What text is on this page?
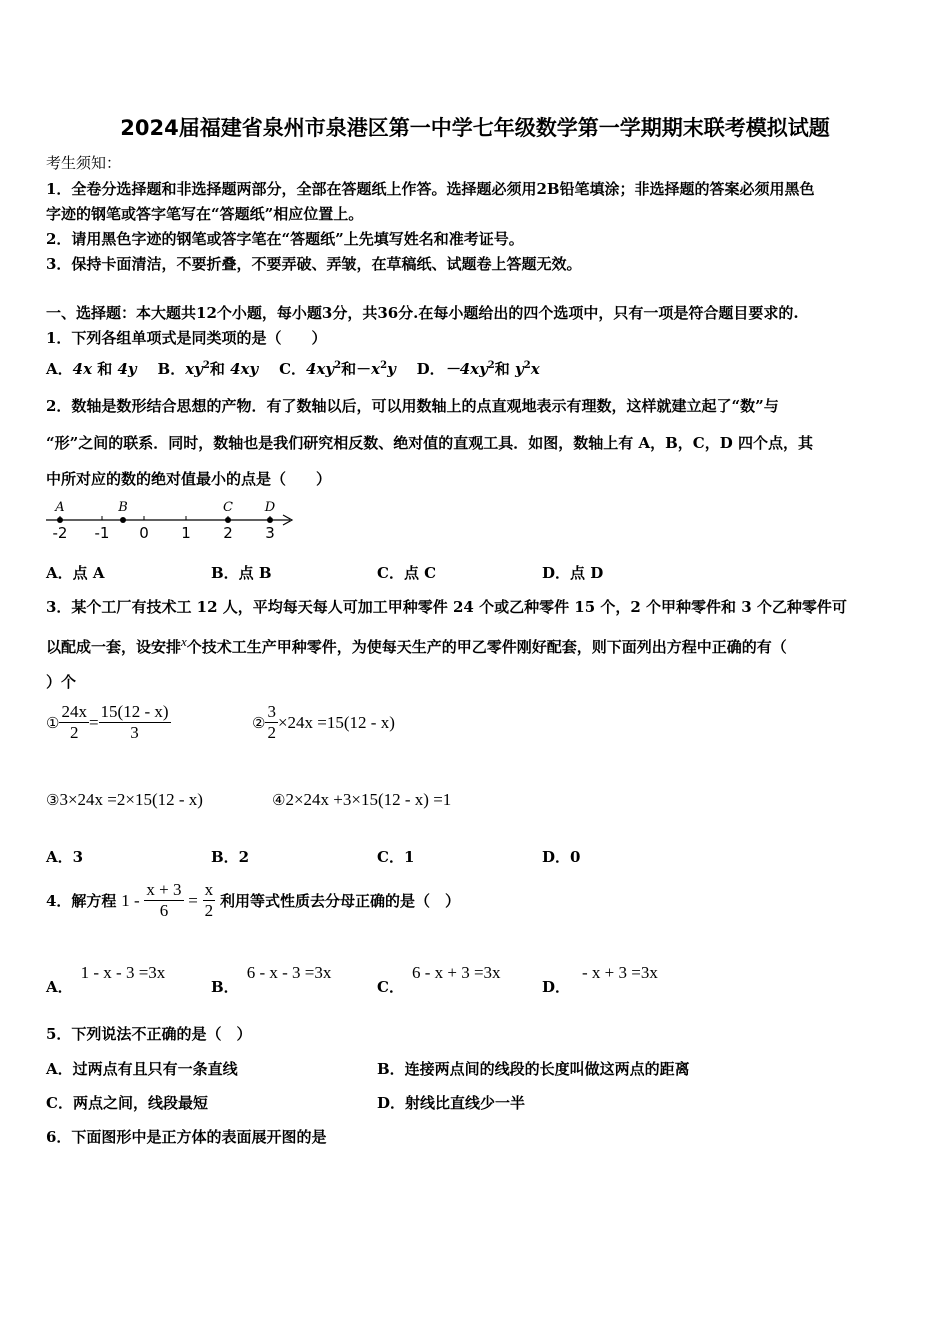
2024届福建省泉州市泉港区第一中学七年级数学第一学期期末联考模拟试题
考生须知：
1．全卷分选择题和非选择题两部分，全部在答题纸上作答。选择题必须用2B铅笔填涂；非选择题的答案必须用黑色
字迹的钢笔或答字笔写在“答题纸”相应位置上。
2．请用黑色字迹的钢笔或答字笔在“答题纸”上先填写姓名和准考证号。
3．保持卡面清洁，不要折叠，不要弄破、弄皱，在草稿纸、试题卷上答题无效。
一、选择题：本大题共12个小题，每小题3分，共36分.在每小题给出的四个选项中，只有一项是符合题目要求的.
1．下列各组单项式是同类项的是（　　）
A．4x 和 4y B．$xy^2$和 4xy C．$4xy^2$和$-x^2y$ D．$-4xy^2$和 $y^2x$
2．数轴是数形结合思想的产物．有了数轴以后，可以用数轴上的点直观地表示有理数，这样就建立起了“数”与
“形”之间的联系．同时，数轴也是我们研究相反数、绝对值的直观工具．如图，数轴上有 A，B，C，D 四个点，其
中所对应的数的绝对值最小的点是（　　）
-2 -1 0 1 2 3
A	B	C D
A．点 A	B．点 B	C．点 C	D．点 D
3．某个工厂有技术工 12 人，平均每天每人可加工甲种零件 24 个或乙种零件 15 个，2 个甲种零件和 3 个乙种零件可
以配成一套，设安排$^x$个技术工生产甲种零件，为使每天生产的甲乙零件刚好配套，则下面列出方程中正确的有（
）个
① $\frac{24x}{2} = \frac{15(12 - x)}{3}$	② $\frac{3}{2} \times 24x =15(12 - x)$
③3×24x =2×15(12 - x)	④2×24x +3×15(12 - x) =1
A．3	B．2	C．1	D．0
4．解方程 $1 - \frac{x + 3}{6} = \frac{x}{2}$ 利用等式性质去分母正确的是（　）
A．1 - x - 3 =3x
B．6 - x - 3 =3x
C．6 - x + 3 =3x
D．- x + 3 =3x
5．下列说法不正确的是（　）
A．过两点有且只有一条直线	B．连接两点间的线段的长度叫做这两点的距离
C．两点之间，线段最短	D．射线比直线少一半
6．下面图形中是正方体的表面展开图的是
